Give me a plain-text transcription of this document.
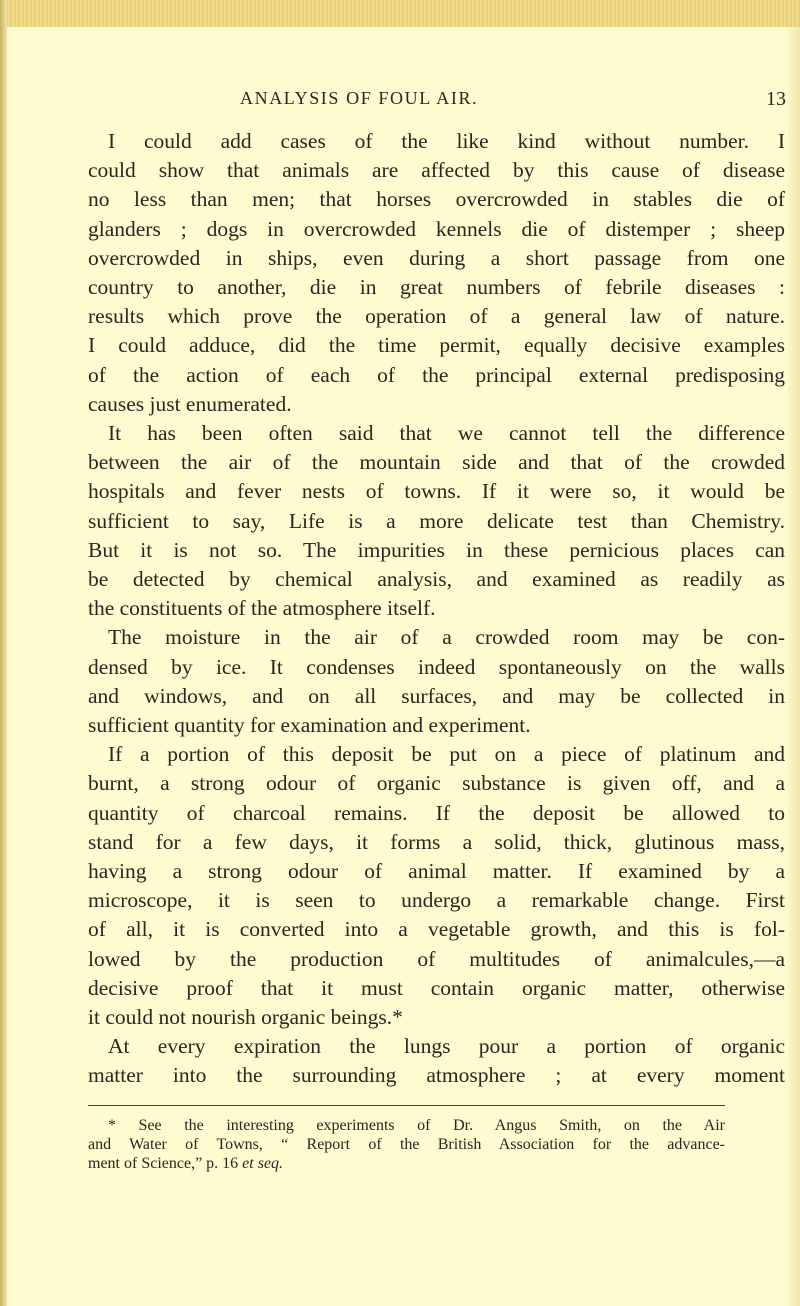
ANALYSIS OF FOUL AIR.	13
I could add cases of the like kind without number. I
could show that animals are affected by this cause of disease
no less than men; that horses overcrowded in stables die of
glanders ; dogs in overcrowded kennels die of distemper ; sheep
overcrowded in ships, even during a short passage from one
country to another, die in great numbers of febrile diseases :
results which prove the operation of a general law of nature.
I could adduce, did the time permit, equally decisive examples
of the action of each of the principal external predisposing
causes just enumerated.
It has been often said that we cannot tell the difference
between the air of the mountain side and that of the crowded
hospitals and fever nests of towns. If it were so, it would be
sufficient to say, Life is a more delicate test than Chemistry.
But it is not so. The impurities in these pernicious places can
be detected by chemical analysis, and examined as readily as
the constituents of the atmosphere itself.
The moisture in the air of a crowded room may be con-
densed by ice. It condenses indeed spontaneously on the walls
and windows, and on all surfaces, and may be collected in
sufficient quantity for examination and experiment.
If a portion of this deposit be put on a piece of platinum and
burnt, a strong odour of organic substance is given off, and a
quantity of charcoal remains. If the deposit be allowed to
stand for a few days, it forms a solid, thick, glutinous mass,
having a strong odour of animal matter. If examined by a
microscope, it is seen to undergo a remarkable change. First
of all, it is converted into a vegetable growth, and this is fol-
lowed by the production of multitudes of animalcules,—a
decisive proof that it must contain organic matter, otherwise
it could not nourish organic beings.*
At every expiration the lungs pour a portion of organic
matter into the surrounding atmosphere ; at every moment
ment of Science,” p. 16 et seq.
* See the interesting experiments of Dr. Angus Smith, on the Air
and Water of Towns, “ Report of the British Association for the advance-
